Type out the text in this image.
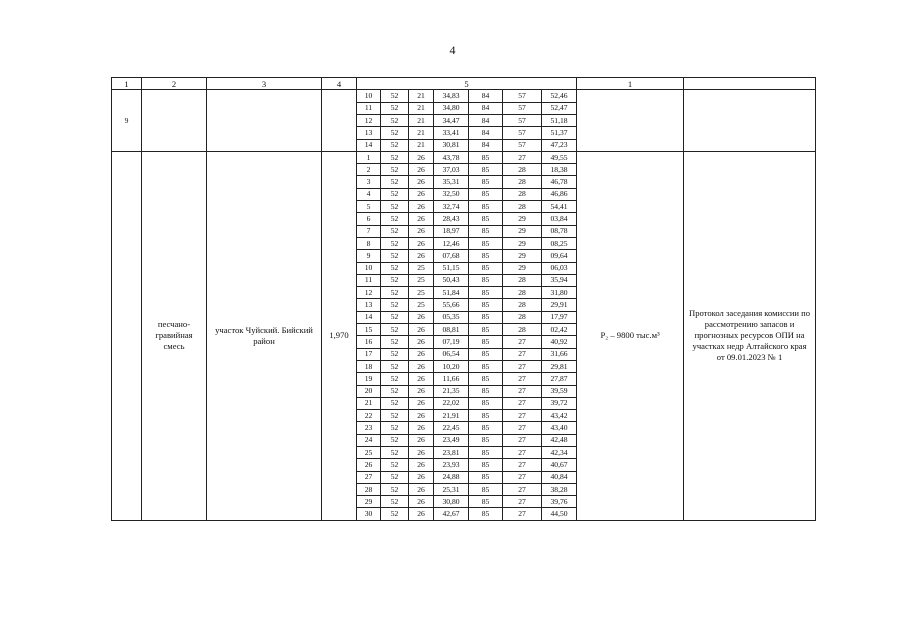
4
1	2	3	4	5							1	
9				10	52	21	34,83	84	57	52,46		
				11	52	21	34,80	84	57	52,47		
				12	52	21	34,47	84	57	51,18		
				13	52	21	33,41	84	57	51,37		
				14	52	21	30,81	84	57	47,23		
	песчано-гравийная смесь	участок Чуйский. Бийский район	1,970	1	52	26	43,78	85	27	49,55	P₂ – 9800 тыс.м³	Протокол заседания комиссии по рассмотрению запасов и прогнозных ресурсов ОПИ на участках недр Алтайского края от 09.01.2023 № 1
				2	52	26	37,03	85	28	18,38		
				3	52	26	35,31	85	28	46,78		
				4	52	26	32,50	85	28	46,86		
				5	52	26	32,74	85	28	54,41		
				6	52	26	28,43	85	29	03,84		
				7	52	26	18,97	85	29	08,78		
				8	52	26	12,46	85	29	08,25		
				9	52	26	07,68	85	29	09,64		
				10	52	25	51,15	85	29	06,03		
				11	52	25	50,43	85	28	35,94		
				12	52	25	51,84	85	28	31,80		
				13	52	25	55,66	85	28	29,91		
				14	52	26	05,35	85	28	17,97		
				15	52	26	08,81	85	28	02,42		
				16	52	26	07,19	85	27	40,92		
				17	52	26	06,54	85	27	31,66		
				18	52	26	10,20	85	27	29,81		
				19	52	26	11,66	85	27	27,87		
				20	52	26	21,35	85	27	39,59		
				21	52	26	22,02	85	27	39,72		
				22	52	26	21,91	85	27	43,42		
				23	52	26	22,45	85	27	43,40		
				24	52	26	23,49	85	27	42,48		
				25	52	26	23,81	85	27	42,34		
				26	52	26	23,93	85	27	40,67		
				27	52	26	24,88	85	27	40,84		
				28	52	26	25,31	85	27	38,28		
				29	52	26	30,80	85	27	39,76		
				30	52	26	42,67	85	27	44,50		
